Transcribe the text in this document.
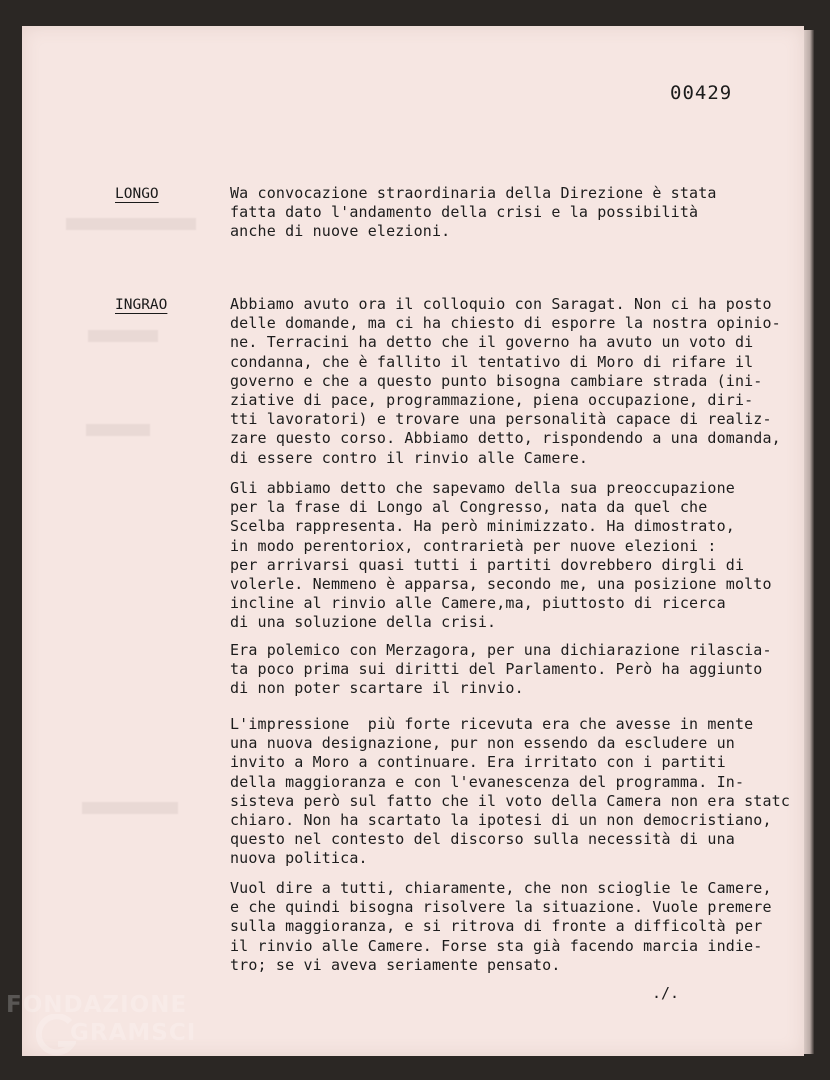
00429
LONGO	Wa convocazione straordinaria della Direzione è stata
fatta dato l'andamento della crisi e la possibilità
anche di nuove elezioni.

INGRAO	Abbiamo avuto ora il colloquio con Saragat. Non ci ha posto
delle domande, ma ci ha chiesto di esporre la nostra opinio-
ne. Terracini ha detto che il governo ha avuto un voto di
condanna, che è fallito il tentativo di Moro di rifare il
governo e che a questo punto bisogna cambiare strada (ini-
ziative di pace, programmazione, piena occupazione, diri-
tti lavoratori) e trovare una personalità capace di realiz-
zare questo corso. Abbiamo detto, rispondendo a una domanda,
di essere contro il rinvio alle Camere.

Gli abbiamo detto che sapevamo della sua preoccupazione
per la frase di Longo al Congresso, nata da quel che
Scelba rappresenta. Ha però minimizzato. Ha dimostrato,
in modo perentoriox, contrarietà per nuove elezioni :
per arrivarsi quasi tutti i partiti dovrebbero dirgli di
volerle. Nemmeno è apparsa, secondo me, una posizione molto
incline al rinvio alle Camere,ma, piuttosto di ricerca
di una soluzione della crisi.

Era polemico con Merzagora, per una dichiarazione rilascia-
ta poco prima sui diritti del Parlamento. Però ha aggiunto
di non poter scartare il rinvio.

L'impressione  più forte ricevuta era che avesse in mente
una nuova designazione, pur non essendo da escludere un
invito a Moro a continuare. Era irritato con i partiti
della maggioranza e con l'evanescenza del programma. In-
sisteva però sul fatto che il voto della Camera non era statc
chiaro. Non ha scartato la ipotesi di un non democristiano,
questo nel contesto del discorso sulla necessità di una
nuova politica.

Vuol dire a tutti, chiaramente, che non scioglie le Camere,
e che quindi bisogna risolvere la situazione. Vuole premere
sulla maggioranza, e si ritrova di fronte a difficoltà per
il rinvio alle Camere. Forse sta già facendo marcia indie-
tro; se vi aveva seriamente pensato.

./.
FONDAZIONE
GRAMSCI
